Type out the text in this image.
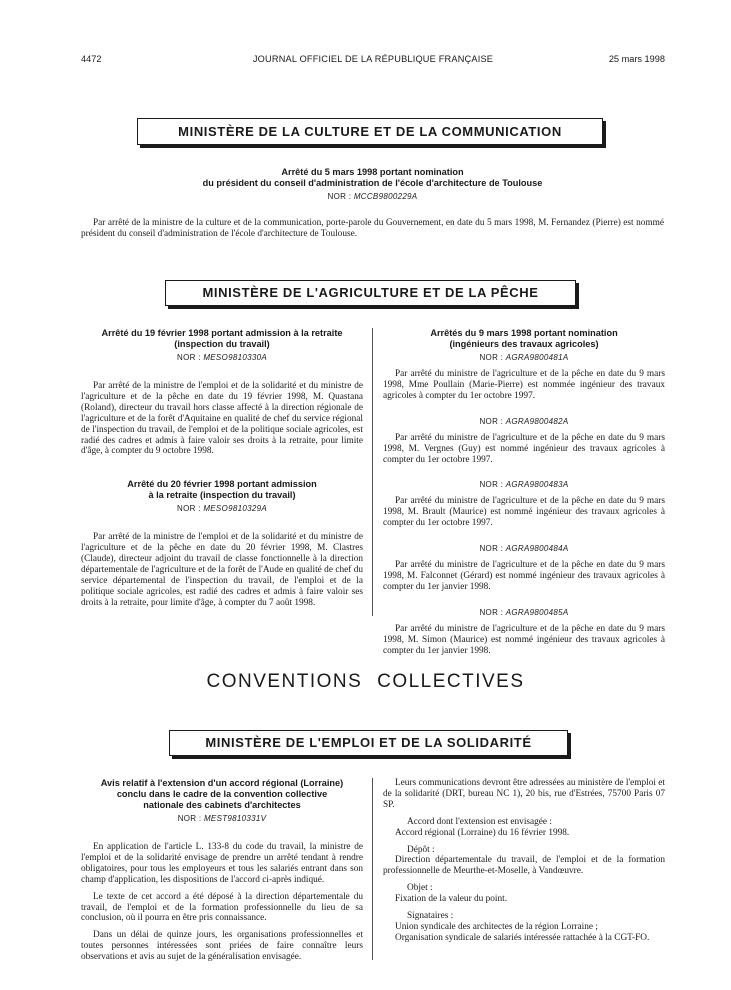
4472	JOURNAL OFFICIEL DE LA RÉPUBLIQUE FRANÇAISE	25 mars 1998
MINISTÈRE DE LA CULTURE ET DE LA COMMUNICATION

Arrêté du 5 mars 1998 portant nomination

du président du conseil d'administration de l'école d'architecture de Toulouse

NOR : MCCB9800229A

Par arrêté de la ministre de la culture et de la communication, porte-parole du Gouvernement, en date du 5 mars 1998, M. Fernandez (Pierre) est nommé président du conseil d'administration de l'école d'architecture de Toulouse.

MINISTÈRE DE L'AGRICULTURE ET DE LA PÊCHE

Arrêté du 19 février 1998 portant admission à la retraite

(inspection du travail)

NOR : MESO9810330A

Par arrêté de la ministre de l'emploi et de la solidarité et du ministre de l'agriculture et de la pêche en date du 19 février 1998, M. Quastana (Roland), directeur du travail hors classe affecté à la direction régionale de l'agriculture et de la forêt d'Aquitaine en qualité de chef du service régional de l'inspection du travail, de l'emploi et de la politique sociale agricoles, est radié des cadres et admis à faire valoir ses droits à la retraite, pour limite d'âge, à compter du 9 octobre 1998.

Arrêté du 20 février 1998 portant admission

à la retraite (inspection du travail)

NOR : MESO9810329A

Par arrêté de la ministre de l'emploi et de la solidarité et du ministre de l'agriculture et de la pêche en date du 20 février 1998, M. Clastres (Claude), directeur adjoint du travail de classe fonctionnelle à la direction départementale de l'agriculture et de la forêt de l'Aude en qualité de chef du service départemental de l'inspection du travail, de l'emploi et de la politique sociale agricoles, est radié des cadres et admis à faire valoir ses droits à la retraite, pour limite d'âge, à compter du 7 août 1998.

Arrêtés du 9 mars 1998 portant nomination

(ingénieurs des travaux agricoles)

NOR : AGRA9800481A

Par arrêté du ministre de l'agriculture et de la pêche en date du 9 mars 1998, Mme Poullain (Marie-Pierre) est nommée ingénieur des travaux agricoles à compter du 1er octobre 1997.

NOR : AGRA9800482A

Par arrêté du ministre de l'agriculture et de la pêche en date du 9 mars 1998, M. Vergnes (Guy) est nommé ingénieur des travaux agricoles à compter du 1er octobre 1997.

NOR : AGRA9800483A

Par arrêté du ministre de l'agriculture et de la pêche en date du 9 mars 1998, M. Brault (Maurice) est nommé ingénieur des travaux agricoles à compter du 1er octobre 1997.

NOR : AGRA9800484A

Par arrêté du ministre de l'agriculture et de la pêche en date du 9 mars 1998, M. Falconnet (Gérard) est nommé ingénieur des travaux agricoles à compter du 1er janvier 1998.

NOR : AGRA9800485A

Par arrêté du ministre de l'agriculture et de la pêche en date du 9 mars 1998, M. Simon (Maurice) est nommé ingénieur des travaux agricoles à compter du 1er janvier 1998.

CONVENTIONS COLLECTIVES
MINISTÈRE DE L'EMPLOI ET DE LA SOLIDARITÉ

Avis relatif à l'extension d'un accord régional (Lorraine)

conclu dans le cadre de la convention collective

nationale des cabinets d'architectes

NOR : MEST9810331V

En application de l'article L. 133-8 du code du travail, la ministre de l'emploi et de la solidarité envisage de prendre un arrêté tendant à rendre obligatoires, pour tous les employeurs et tous les salariés entrant dans son champ d'application, les dispositions de l'accord ci-après indiqué.

Le texte de cet accord a été déposé à la direction départementale du travail, de l'emploi et de la formation professionnelle du lieu de sa conclusion, où il pourra en être pris connaissance.

Dans un délai de quinze jours, les organisations professionnelles et toutes personnes intéressées sont priées de faire connaître leurs observations et avis au sujet de la généralisation envisagée.

Leurs communications devront être adressées au ministère de l'emploi et de la solidarité (DRT, bureau NC 1), 20 bis, rue d'Estrées, 75700 Paris 07 SP.

Accord dont l'extension est envisagée :

Accord régional (Lorraine) du 16 février 1998.

Dépôt :

Direction départementale du travail, de l'emploi et de la formation professionnelle de Meurthe-et-Moselle, à Vandœuvre.

Objet :

Fixation de la valeur du point.

Signataires :

Union syndicale des architectes de la région Lorraine ;

Organisation syndicale de salariés intéressée rattachée à la CGT-FO.
